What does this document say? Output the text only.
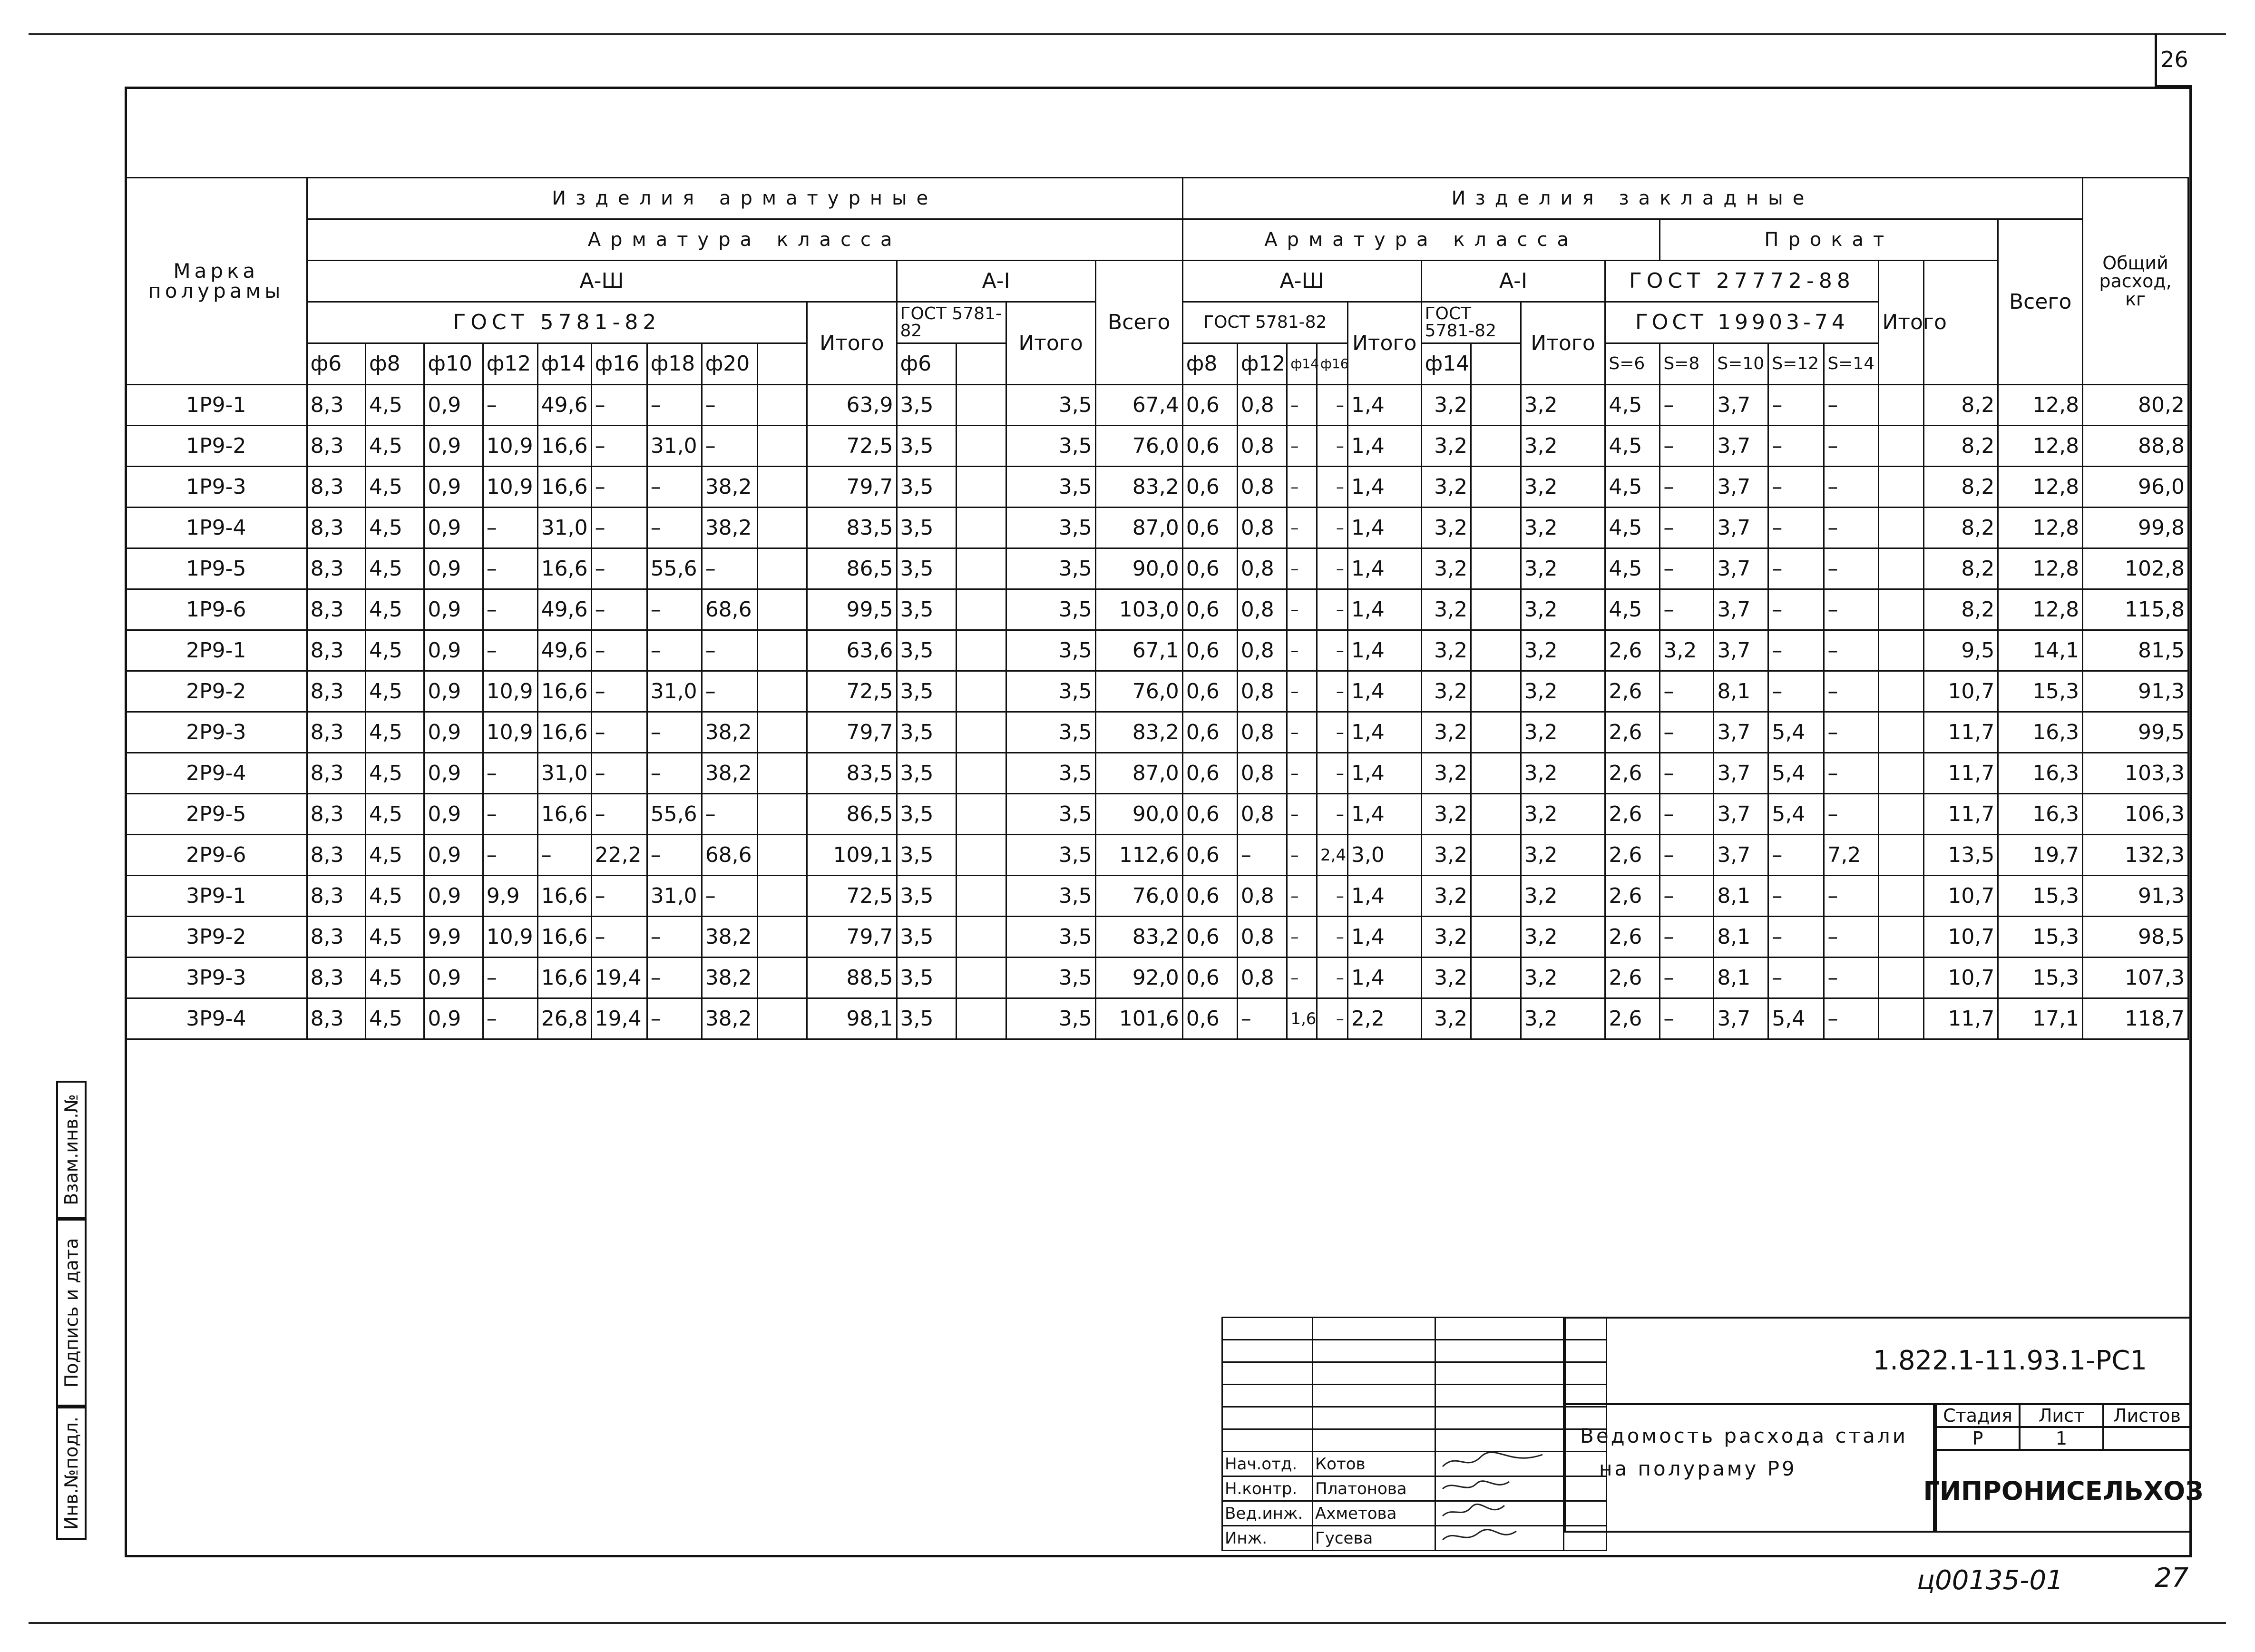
26
Взам.инв.№
Подпись и дата
Инв.№подл.
Марка полурамы	Изделия арматурные														Изделия закладные																Общий расход, кг
	Арматура класса														Арматура класса									Прокат						Всего	
	А-Ш										А-I			Всего	А-Ш					А-I			ГОСТ 27772-88					Итого			
	ГОСТ 5781-82									Итого	ГОСТ 5781-82		Итого		ГОСТ 5781-82				Итого	ГОСТ 5781-82		Итого	ГОСТ 19903-74								
	ф6	ф8	ф10	ф12	ф14	ф16	ф18	ф20			ф6				ф8	ф12	ф14	ф16		ф14			S=6	S=8	S=10	S=12	S=14				
1Р9-1	8,3	4,5	0,9	–	49,6	–	–	–		63,9	3,5		3,5	67,4	0,6	0,8	–	–	1,4	3,2		3,2	4,5	–	3,7	–	–		8,2	12,8	80,2
1Р9-2	8,3	4,5	0,9	10,9	16,6	–	31,0	–		72,5	3,5		3,5	76,0	0,6	0,8	–	–	1,4	3,2		3,2	4,5	–	3,7	–	–		8,2	12,8	88,8
1Р9-3	8,3	4,5	0,9	10,9	16,6	–	–	38,2		79,7	3,5		3,5	83,2	0,6	0,8	–	–	1,4	3,2		3,2	4,5	–	3,7	–	–		8,2	12,8	96,0
1Р9-4	8,3	4,5	0,9	–	31,0	–	–	38,2		83,5	3,5		3,5	87,0	0,6	0,8	–	–	1,4	3,2		3,2	4,5	–	3,7	–	–		8,2	12,8	99,8
1Р9-5	8,3	4,5	0,9	–	16,6	–	55,6	–		86,5	3,5		3,5	90,0	0,6	0,8	–	–	1,4	3,2		3,2	4,5	–	3,7	–	–		8,2	12,8	102,8
1Р9-6	8,3	4,5	0,9	–	49,6	–	–	68,6		99,5	3,5		3,5	103,0	0,6	0,8	–	–	1,4	3,2		3,2	4,5	–	3,7	–	–		8,2	12,8	115,8
2Р9-1	8,3	4,5	0,9	–	49,6	–	–	–		63,6	3,5		3,5	67,1	0,6	0,8	–	–	1,4	3,2		3,2	2,6	3,2	3,7	–	–		9,5	14,1	81,5
2Р9-2	8,3	4,5	0,9	10,9	16,6	–	31,0	–		72,5	3,5		3,5	76,0	0,6	0,8	–	–	1,4	3,2		3,2	2,6	–	8,1	–	–		10,7	15,3	91,3
2Р9-3	8,3	4,5	0,9	10,9	16,6	–	–	38,2		79,7	3,5		3,5	83,2	0,6	0,8	–	–	1,4	3,2		3,2	2,6	–	3,7	5,4	–		11,7	16,3	99,5
2Р9-4	8,3	4,5	0,9	–	31,0	–	–	38,2		83,5	3,5		3,5	87,0	0,6	0,8	–	–	1,4	3,2		3,2	2,6	–	3,7	5,4	–		11,7	16,3	103,3
2Р9-5	8,3	4,5	0,9	–	16,6	–	55,6	–		86,5	3,5		3,5	90,0	0,6	0,8	–	–	1,4	3,2		3,2	2,6	–	3,7	5,4	–		11,7	16,3	106,3
2Р9-6	8,3	4,5	0,9	–	–	22,2	–	68,6		109,1	3,5		3,5	112,6	0,6	–	–	2,4	3,0	3,2		3,2	2,6	–	3,7	–	7,2		13,5	19,7	132,3
3Р9-1	8,3	4,5	0,9	9,9	16,6	–	31,0	–		72,5	3,5		3,5	76,0	0,6	0,8	–	–	1,4	3,2		3,2	2,6	–	8,1	–	–		10,7	15,3	91,3
3Р9-2	8,3	4,5	9,9	10,9	16,6	–	–	38,2		79,7	3,5		3,5	83,2	0,6	0,8	–	–	1,4	3,2		3,2	2,6	–	8,1	–	–		10,7	15,3	98,5
3Р9-3	8,3	4,5	0,9	–	16,6	19,4	–	38,2		88,5	3,5		3,5	92,0	0,6	0,8	–	–	1,4	3,2		3,2	2,6	–	8,1	–	–		10,7	15,3	107,3
3Р9-4	8,3	4,5	0,9	–	26,8	19,4	–	38,2		98,1	3,5		3,5	101,6	0,6	–	1,6	–	2,2	3,2		3,2	2,6	–	3,7	5,4	–		11,7	17,1	118,7

Нач.отд.	Котов		
Н.контр.	Платонова		
Вед.инж.	Ахметова		
Инж.	Гусева		
1.822.1-11.93.1-РС1
Ведомость расхода стали
на полураму Р9
Стадия	Лист	Листов
Р	1
ГИПРОНИСЕЛЬХОЗ
ц00135-01	27
